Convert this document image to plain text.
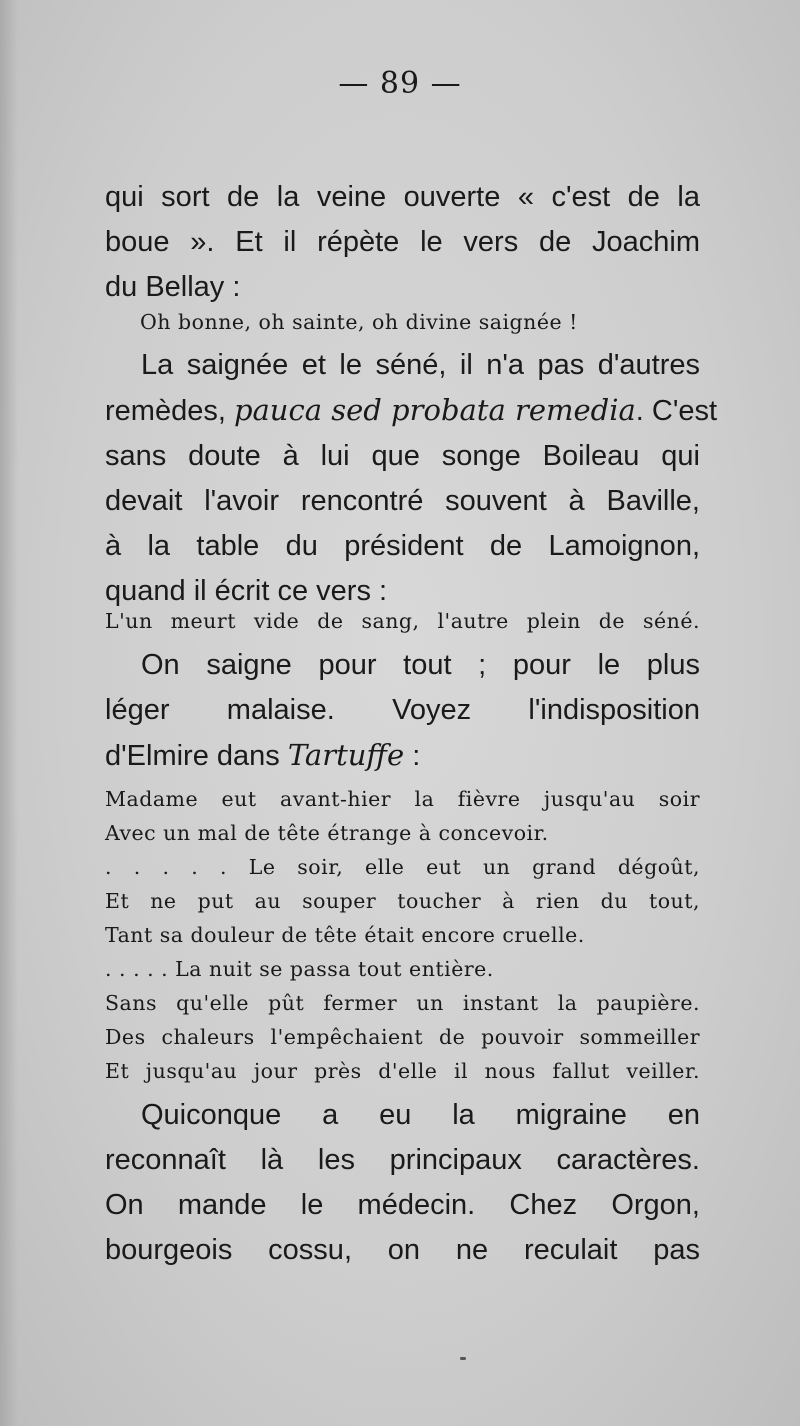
— 89 —
qui sort de la veine ouverte « c'est de la
boue ». Et il répète le vers de Joachim
du Bellay :
Oh bonne, oh sainte, oh divine saignée !
La saignée et le séné, il n'a pas d'autres
remèdes, pauca sed probata remedia. C'est
sans doute à lui que songe Boileau qui
devait l'avoir rencontré souvent à Baville,
à la table du président de Lamoignon,
quand il écrit ce vers :
L'un meurt vide de sang, l'autre plein de séné.
On saigne pour tout ; pour le plus
léger malaise. Voyez l'indisposition
d'Elmire dans Tartuffe :
Madame eut avant-hier la fièvre jusqu'au soir
Avec un mal de tête étrange à concevoir.
. . . . . Le soir, elle eut un grand dégoût,
Et ne put au souper toucher à rien du tout,
Tant sa douleur de tête était encore cruelle.
. . . . . La nuit se passa tout entière.
Sans qu'elle pût fermer un instant la paupière.
Des chaleurs l'empêchaient de pouvoir sommeiller
Et jusqu'au jour près d'elle il nous fallut veiller.
Quiconque a eu la migraine en
reconnaît là les principaux caractères.
On mande le médecin. Chez Orgon,
bourgeois cossu, on ne reculait pas
